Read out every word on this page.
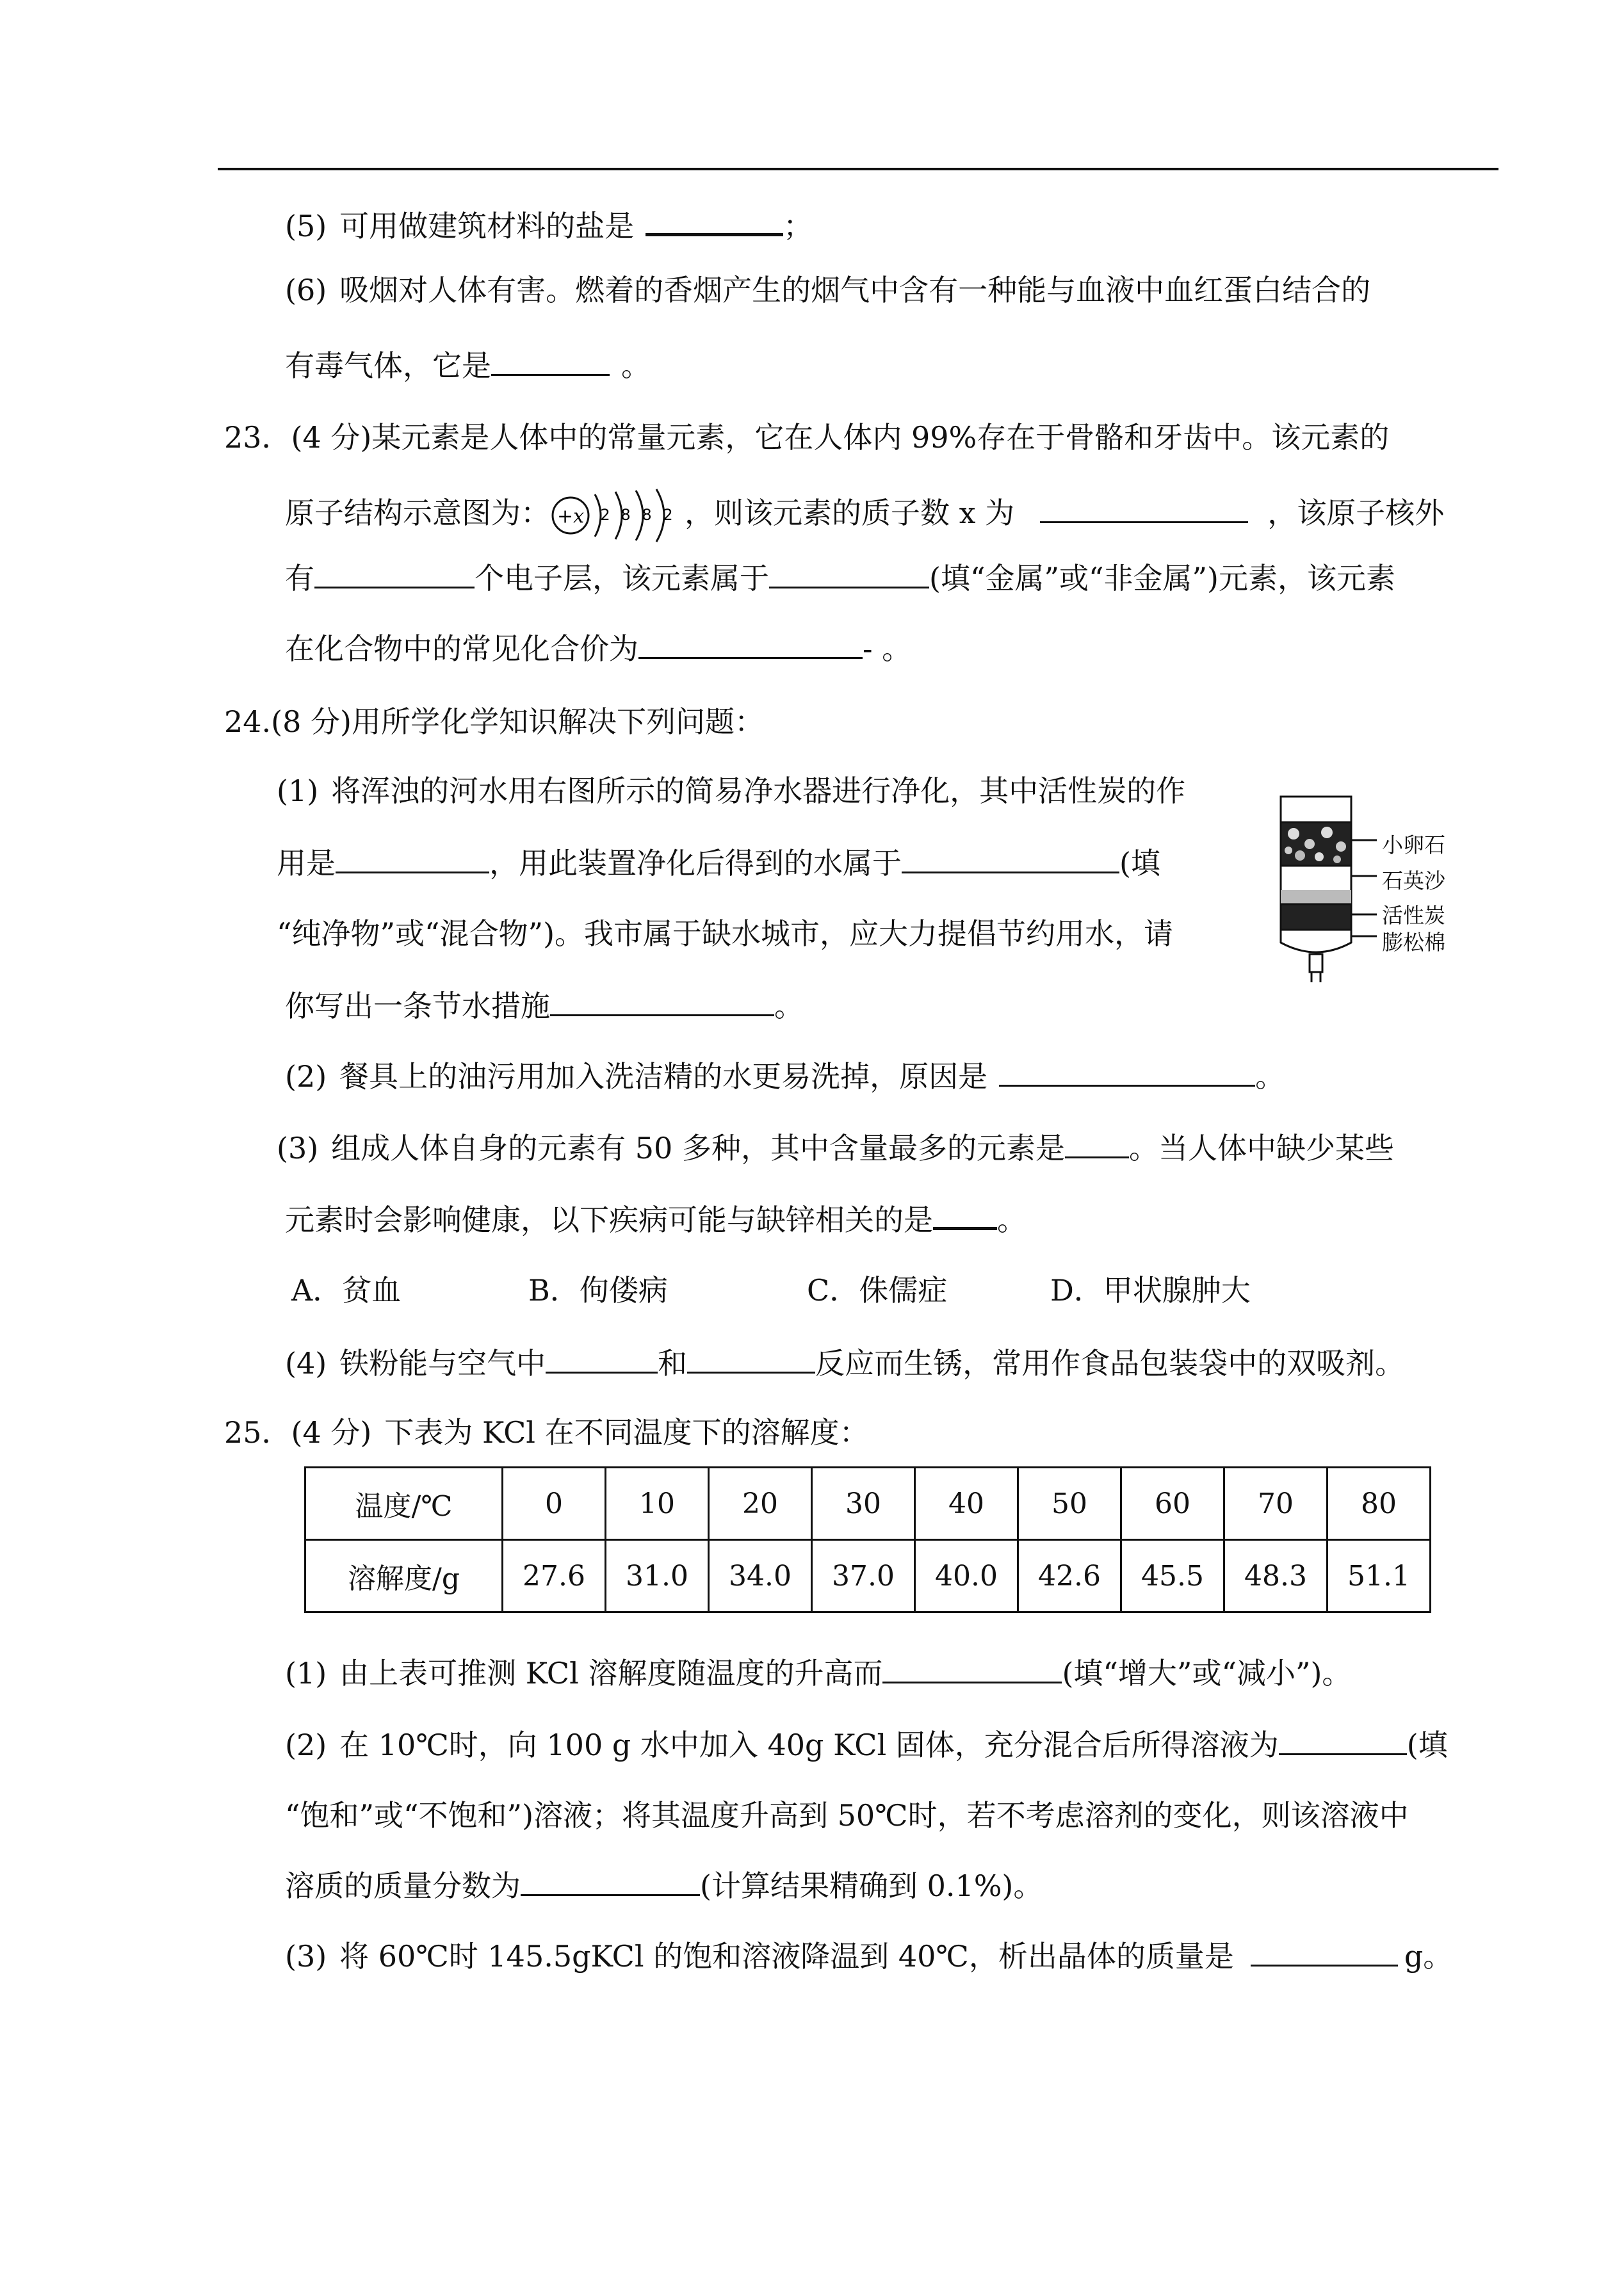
(5) 可用做建筑材料的盐是	；
(6) 吸烟对人体有害。燃着的香烟产生的烟气中含有一种能与血液中血红蛋白结合的
有毒气体，它是	。
23．(4 分)某元素是人体中的常量元素，它在人体内 99%存在于骨骼和牙齿中。该元素的
原子结构示意图为： +x 2 8 8 2 ，则该元素的质子数 x 为	，该原子核外
有	个电子层，该元素属于	(填“金属”或“非金属”)元素，该元素
在化合物中的常见化合价为	- 。
24.(8 分)用所学化学知识解决下列问题：
(1) 将浑浊的河水用右图所示的简易净水器进行净化，其中活性炭的作
用是	，用此装置净化后得到的水属于	(填
“纯净物”或“混合物”)。我市属于缺水城市，应大力提倡节约用水，请
你写出一条节水措施	。
小卵石
石英沙
活性炭
膨松棉
(2) 餐具上的油污用加入洗洁精的水更易洗掉，原因是	。
(3) 组成人体自身的元素有 50 多种，其中含量最多的元素是 。当人体中缺少某些
元素时会影响健康，以下疾病可能与缺锌相关的是 。
A．贫血	B．佝偻病	C．侏儒症	D．甲状腺肿大
(4) 铁粉能与空气中	和	反应而生锈，常用作食品包装袋中的双吸剂。
25．(4 分) 下表为 KCl 在不同温度下的溶解度：
温度/℃	0	10	20	30	40	50	60	70	80
溶解度/g	27.6	31.0	34.0	37.0	40.0	42.6	45.5	48.3	51.1
(1) 由上表可推测 KCl 溶解度随温度的升高而	(填“增大”或“减小”)。
(2) 在 10℃时，向 100 g 水中加入 40g KCl 固体，充分混合后所得溶液为	(填
“饱和”或“不饱和”)溶液；将其温度升高到 50℃时，若不考虑溶剂的变化，则该溶液中
溶质的质量分数为	(计算结果精确到 0.1%)。
(3) 将 60℃时 145.5gKCl 的饱和溶液降温到 40℃，析出晶体的质量是	g。
